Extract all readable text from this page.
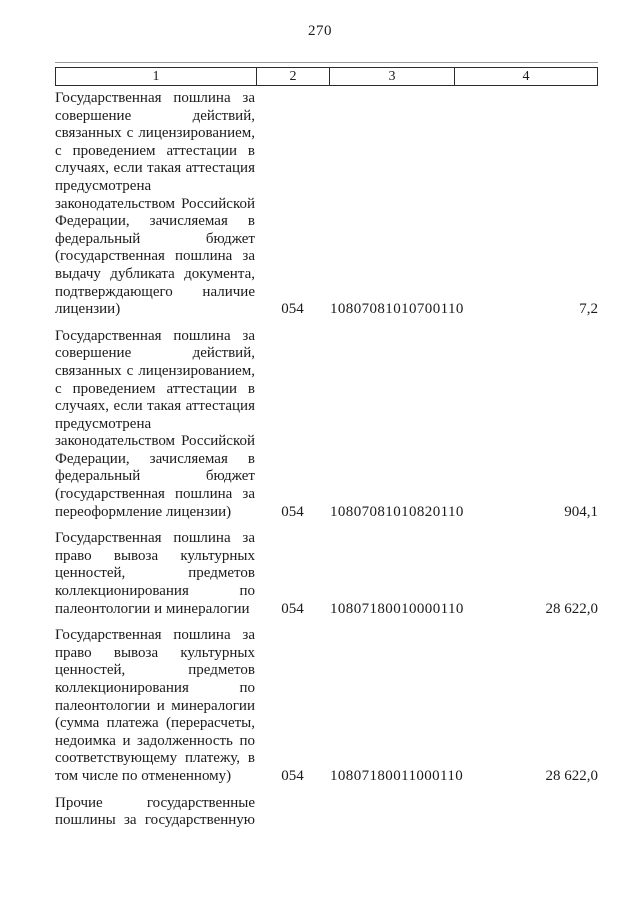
270
1	2	3	4
Государственная пошлина за
совершение действий,
связанных с лицензированием,
с проведением аттестации в
случаях, если такая аттестация
предусмотрена
законодательством Российской
Федерации, зачисляемая в
федеральный бюджет
(государственная пошлина за
выдачу дубликата документа,
подтверждающего наличие
лицензии)	054	10807081010700110	7,2

Государственная пошлина за
совершение действий,
связанных с лицензированием,
с проведением аттестации в
случаях, если такая аттестация
предусмотрена
законодательством Российской
Федерации, зачисляемая в
федеральный бюджет
(государственная пошлина за
переоформление лицензии)	054	10807081010820110	904,1

Государственная пошлина за
право вывоза культурных
ценностей, предметов
коллекционирования по
палеонтологии и минералогии	054	10807180010000110	28 622,0

Государственная пошлина за
право вывоза культурных
ценностей, предметов
коллекционирования по
палеонтологии и минералогии
(сумма платежа (перерасчеты,
недоимка и задолженность по
соответствующему платежу, в
том числе по отмененному)	054	10807180011000110	28 622,0

Прочие государственные
пошлины за государственную			
